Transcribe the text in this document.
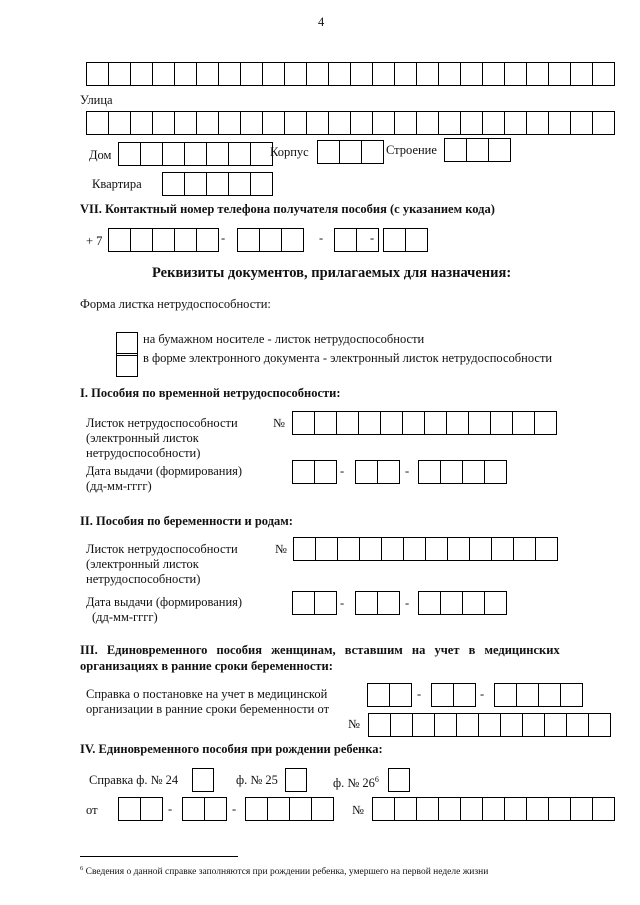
4
Улица
Дом	Корпус	Строение
Квартира
VII. Контактный номер телефона получателя пособия (с указанием кода)
+ 7	-	-	-
Реквизиты документов, прилагаемых для назначения:
Форма листка нетрудоспособности:
на бумажном носителе - листок нетрудоспособности
в форме электронного документа - электронный листок нетрудоспособности
I. Пособия по временной нетрудоспособности:
Листок нетрудоспособности
(электронный листок
нетрудоспособности)
№
Дата выдачи (формирования)
(дд-мм-гггг)
-	-
II. Пособия по беременности и родам:
Листок нетрудоспособности
(электронный листок
нетрудоспособности)
№
Дата выдачи (формирования)
(дд-мм-гггг)
-	-
III. Единовременного пособия женщинам, вставшим на учет в медицинских
организациях в ранние сроки беременности:
Справка о постановке на учет в медицинской
организации в ранние сроки беременности от
-	-
№
IV. Единовременного пособия при рождении ребенка:
Справка ф. № 24	ф. № 25	ф. № $26^6$
от	-	-	№
$^6$ Сведения о данной справке заполняются при рождении ребенка, умершего на первой неделе жизни
